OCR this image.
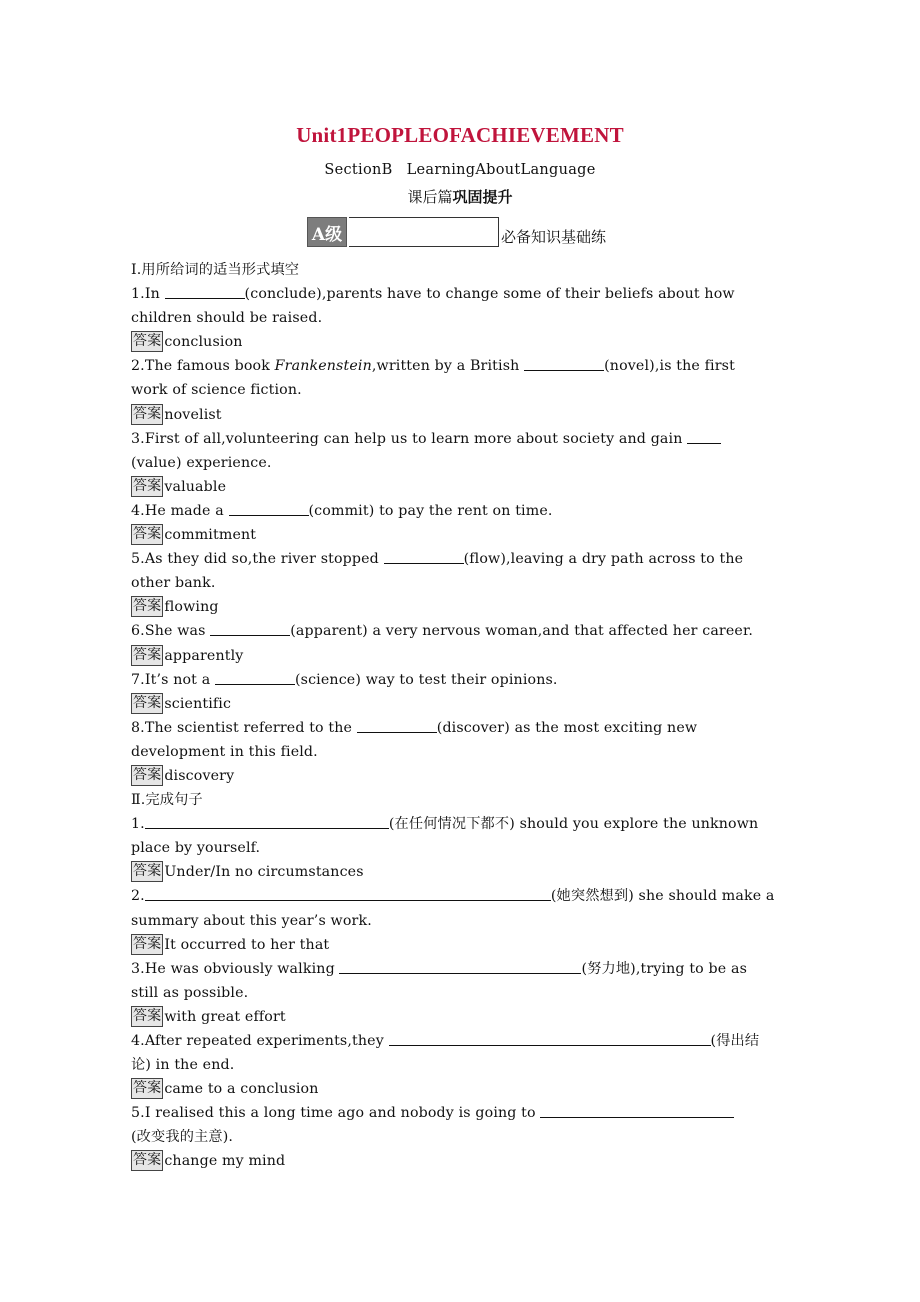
Unit1PEOPLEOFACHIEVEMENT
SectionB LearningAboutLanguage
课后篇巩固提升
A级	必备知识基础练
Ⅰ.用所给词的适当形式填空
1.In	(conclude),parents have to change some of their beliefs about how
children should be raised.
答案 conclusion
2.The famous book Frankenstein,written by a British	(novel),is the first
work of science fiction.
答案 novelist
3.First of all,volunteering can help us to learn more about society and gain
(value) experience.
答案 valuable
4.He made a	(commit) to pay the rent on time.
答案 commitment
5.As they did so,the river stopped	(flow),leaving a dry path across to the
other bank.
答案 flowing
6.She was	(apparent) a very nervous woman,and that affected her career.
答案 apparently
7.It’s not a	(science) way to test their opinions.
答案 scientific
8.The scientist referred to the	(discover) as the most exciting new
development in this field.
答案 discovery
Ⅱ.完成句子
1.	(在任何情况下都不) should you explore the unknown
place by yourself.
答案 Under/In no circumstances
2.	(她突然想到) she should make a
summary about this year’s work.
答案 It occurred to her that
3.He was obviously walking	(努力地),trying to be as
still as possible.
答案 with great effort
4.After repeated experiments,they	(得出结
论) in the end.
答案 came to a conclusion
5.I realised this a long time ago and nobody is going to
(改变我的主意).
答案 change my mind
